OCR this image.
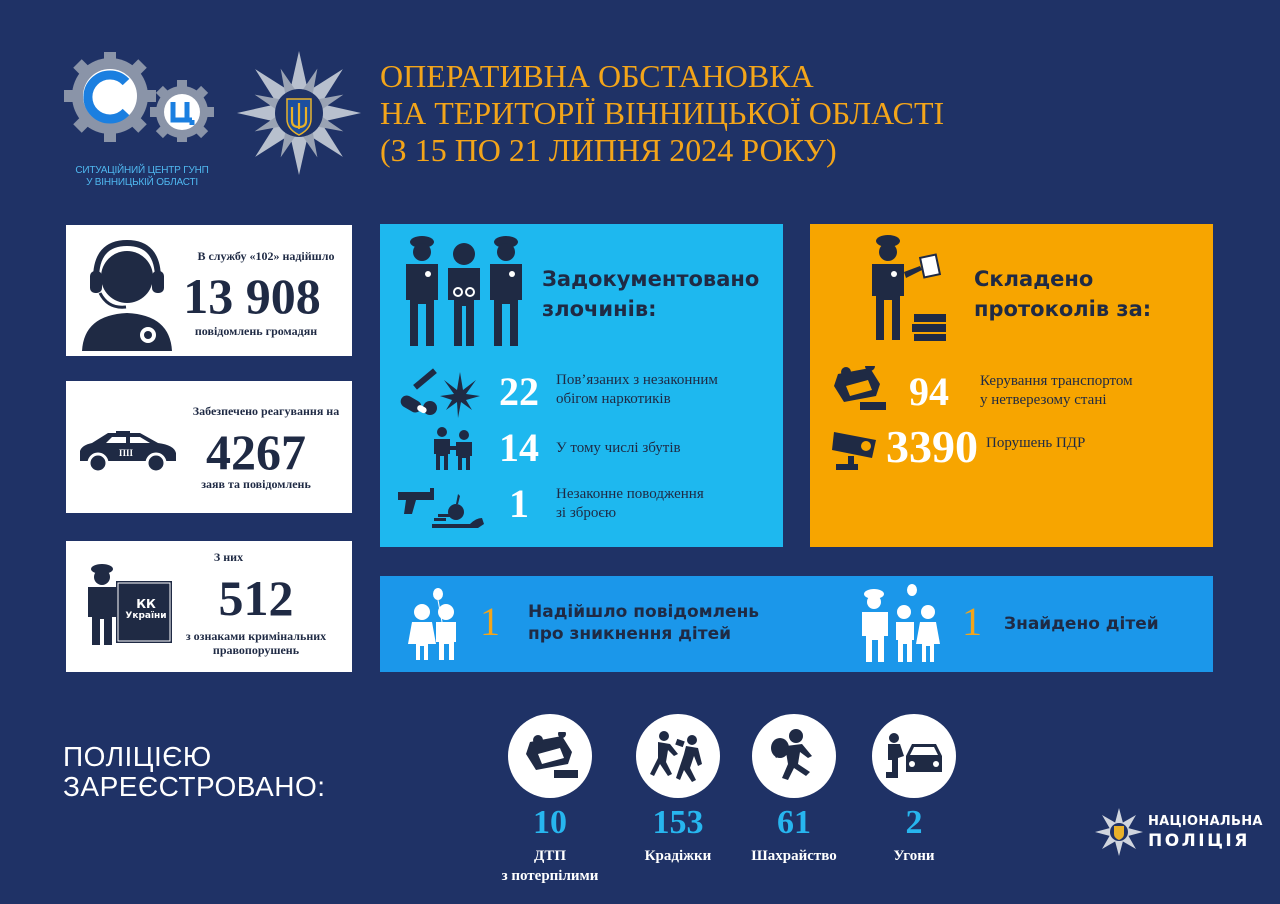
СИТУАЦІЙНИЙ ЦЕНТР ГУНП
У ВІННИЦЬКІЙ ОБЛАСТІ
ОПЕРАТИВНА ОБСТАНОВКА
НА ТЕРИТОРІЇ ВІННИЦЬКОЇ ОБЛАСТІ
(З 15 ПО 21 ЛИПНЯ 2024 РОКУ)
В службу «102» надійшло
13 908
повідомлень громадян
ПІІ
Забезпечено реагування на
4267
заяв та повідомлень
КК
України
З них
512
з ознаками кримінальних
правопорушень
Задокументовано
злочинів:
22	Пов’язаних з незаконним
обігом наркотиків
14	У тому числі збутів
1	Незаконне поводження
зі зброєю
Складено
протоколів за:
94	Керування транспортом
у нетверезому стані
3390 Порушень ПДР
1 Надійшло повідомлень
про зникнення дітей	1 Знайдено дітей
ПОЛІЦІЄЮ
ЗАРЕЄСТРОВАНО:
10
ДТП
з потерпілими
153
Крадіжки
61
Шахрайство
2
Угони
НАЦІОНАЛЬНА
ПОЛІЦІЯ
